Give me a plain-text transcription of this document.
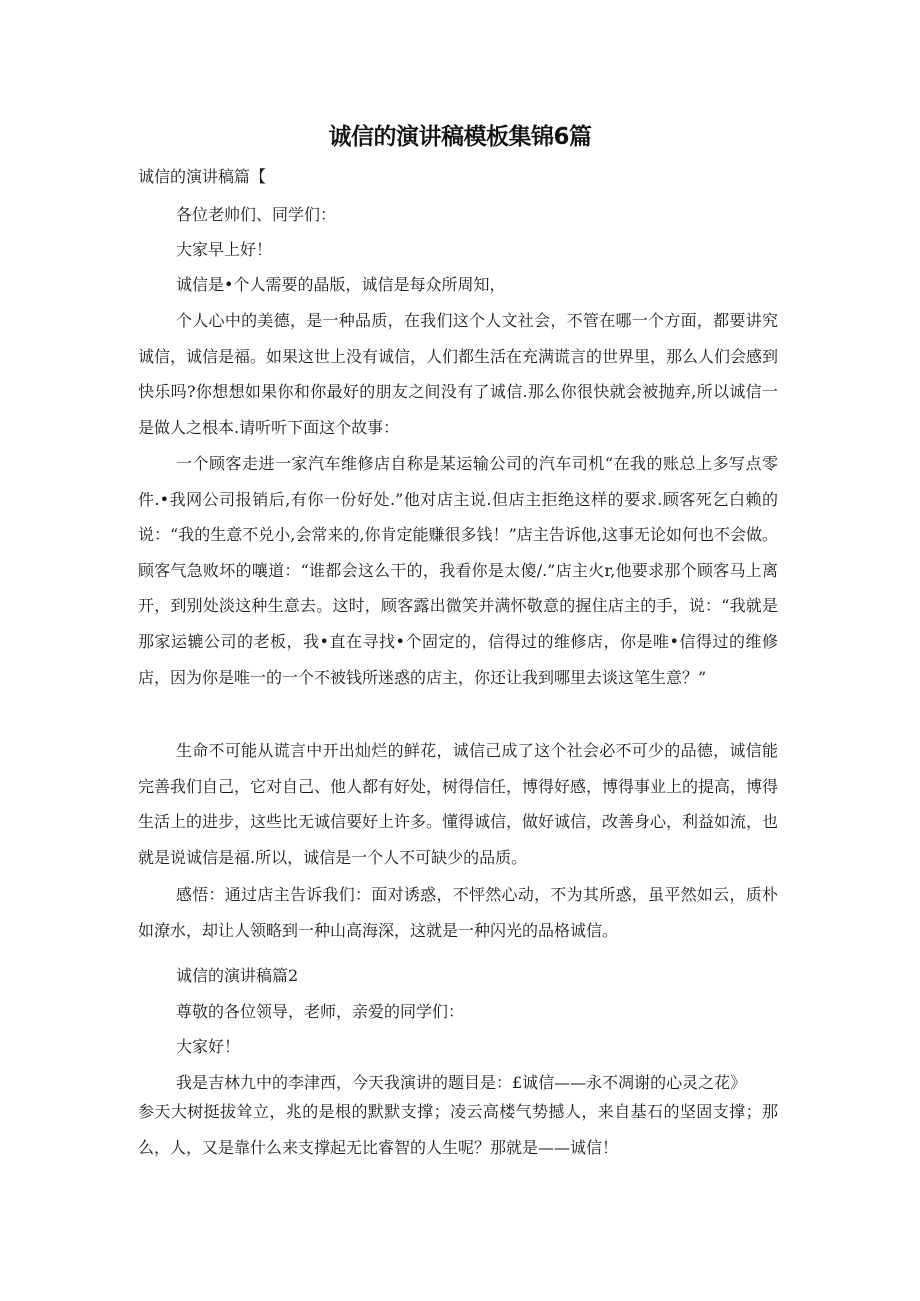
诚信的演讲稿模板集锦6篇
诚信的演讲稿篇【
各位老帅们、同学们：
大家早上好！
诚信是•个人需要的晶版，诚信是每众所周知，
个人心中的美德，是一种品质，在我们这个人文社会，不管在哪一个方面，都要讲究诚信，诚信是福。如果这世上没有诚信，人们都生活在充满谎言的世界里，那么人们会感到快乐吗?你想想如果你和你最好的朋友之间没有了诚信.那么你很快就会被抛弃,所以诚信一是做人之根本.请听听下面这个故事：
一个顾客走进一家汽车维修店自称是某运输公司的汽车司机“在我的账总上多写点零件.•我网公司报销后,有你一份好处.”他对店主说.但店主拒绝这样的要求.顾客死乞白赖的说：“我的生意不兑小,会常来的,你肯定能赚很多钱！”店主告诉他,这事无论如何也不会做。顾客气急败坏的嚷道：“谁都会这么干的，我看你是太傻/.”店主火r,他要求那个顾客马上离开，到别处淡这种生意去。这时，顾客露出微笑并满怀敬意的握住店主的手，说：“我就是那家运辘公司的老板，我•直在寻找•个固定的，信得过的维修店，你是唯•信得过的维修店，因为你是唯一的一个不被钱所迷惑的店主，你还让我到哪里去谈这笔生意？”
生命不可能从谎言中开出灿烂的鲜花，诚信己成了这个社会必不可少的品德，诚信能完善我们自己，它对自己、他人都有好处，树得信任，博得好感，博得事业上的提高，博得生活上的进步，这些比无诚信要好上许多。懂得诚信，做好诚信，改善身心，利益如流，也就是说诚信是福.所以，诚信是一个人不可缺少的品质。
感悟：通过店主告诉我们：面对诱惑，不怦然心动，不为其所惑，虽平然如云，质朴如潦水，却让人领略到一种山高海深，这就是一种闪光的品格诚信。
诚信的演讲稿篇2
尊敬的各位领导，老师，亲爱的同学们：
大家好！
我是吉林九中的李津西，今天我演讲的题目是：£诚信——永不凋谢的心灵之花》
参天大树挺拔耸立，兆的是根的默默支撑；凌云高楼气势撼人，来自基石的坚固支撑；那么，人，又是靠什么来支撑起无比睿智的人生呢？那就是——诚信！
